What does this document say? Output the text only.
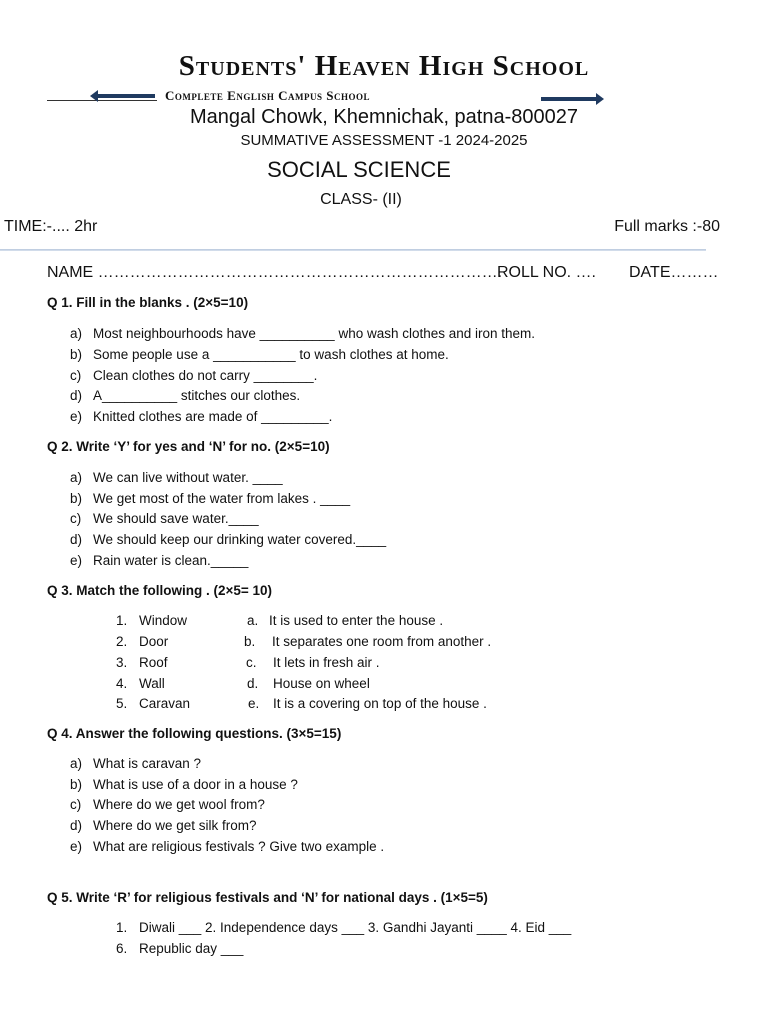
Students' Heaven High School
Complete English Campus School
Mangal Chowk, Khemnichak, patna-800027
SUMMATIVE ASSESSMENT -1 2024-2025
SOCIAL SCIENCE
CLASS- (II)
TIME:-.... 2hr	Full marks :-80
NAME ………………………………………………………………….
ROLL NO. …. DATE………
Q 1. Fill in the blanks . (2×5=10)
a) Most neighbourhoods have __________ who wash clothes and iron them.
b) Some people use a ___________ to wash clothes at home.
c) Clean clothes do not carry ________.
d) A__________ stitches our clothes.
e) Knitted clothes are made of _________.
Q 2. Write ‘Y’ for yes and ‘N’ for no. (2×5=10)
a) We can live without water. ____
b) We get most of the water from lakes . ____
c) We should save water.____
d) We should keep our drinking water covered.____
e) Rain water is clean._____
Q 3. Match the following . (2×5= 10)
1. Window	a. It is used to enter the house .
2. Door	b. It separates one room from another .
3. Roof	c. It lets in fresh air .
4. Wall	d. House on wheel
5. Caravan	e. It is a covering on top of the house .
Q 4. Answer the following questions. (3×5=15)
a) What is caravan ?
b) What is use of a door in a house ?
c) Where do we get wool from?
d) Where do we get silk from?
e) What are religious festivals ? Give two example .
Q 5. Write ‘R’ for religious festivals and ‘N’ for national days . (1×5=5)
1. Diwali ___ 2. Independence days ___ 3. Gandhi Jayanti ____ 4. Eid ___
6. Republic day ___
